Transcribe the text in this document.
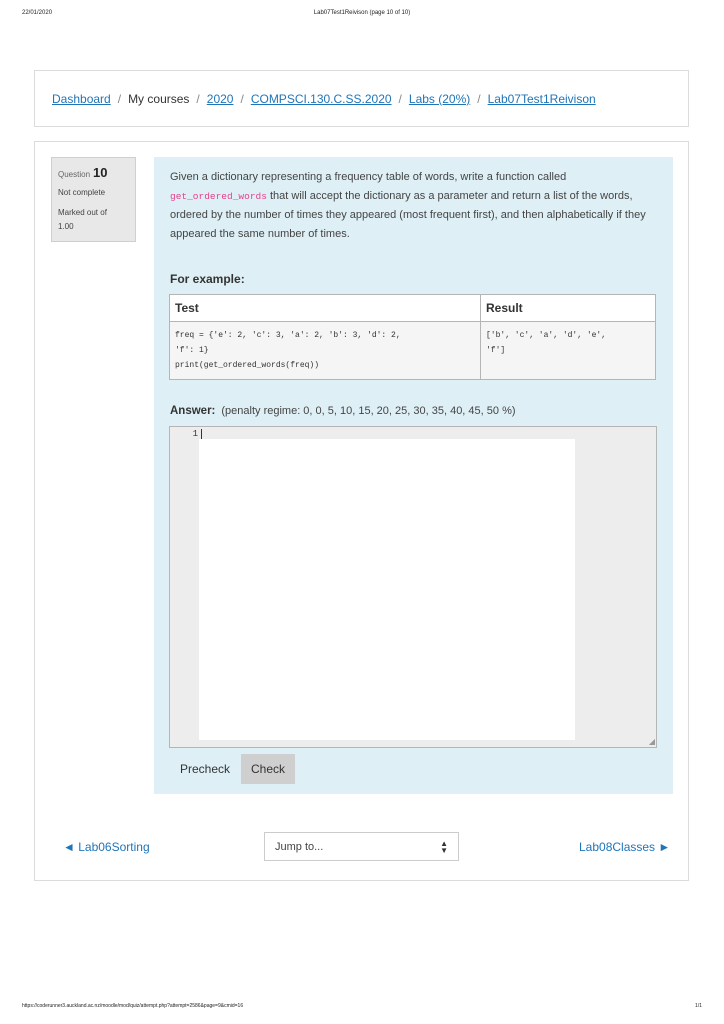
22/01/2020	Lab07Test1Reivison (page 10 of 10)
Dashboard / My courses / 2020 / COMPSCI.130.C.SS.2020 / Labs (20%) / Lab07Test1Reivison
Question 10
Not complete
Marked out of
1.00
Given a dictionary representing a frequency table of words, write a function called get_ordered_words that will accept the dictionary as a parameter and return a list of the words, ordered by the number of times they appeared (most frequent first), and then alphabetically if they appeared the same number of times.
For example:
Test	Result
freq = {'e': 2, 'c': 3, 'a': 2, 'b': 3, 'd': 2,
'f': 1}
print(get_ordered_words(freq))	['b', 'c', 'a', 'd', 'e',
'f']
Answer: (penalty regime: 0, 0, 5, 10, 15, 20, 25, 30, 35, 40, 45, 50 %)
1
◢
Precheck	Check
◄ Lab06Sorting	Jump to...	▲
▼	Lab08Classes ►
https://coderunner3.auckland.ac.nz/moodle/mod/quiz/attempt.php?attempt=2586&page=9&cmid=16	1/1
